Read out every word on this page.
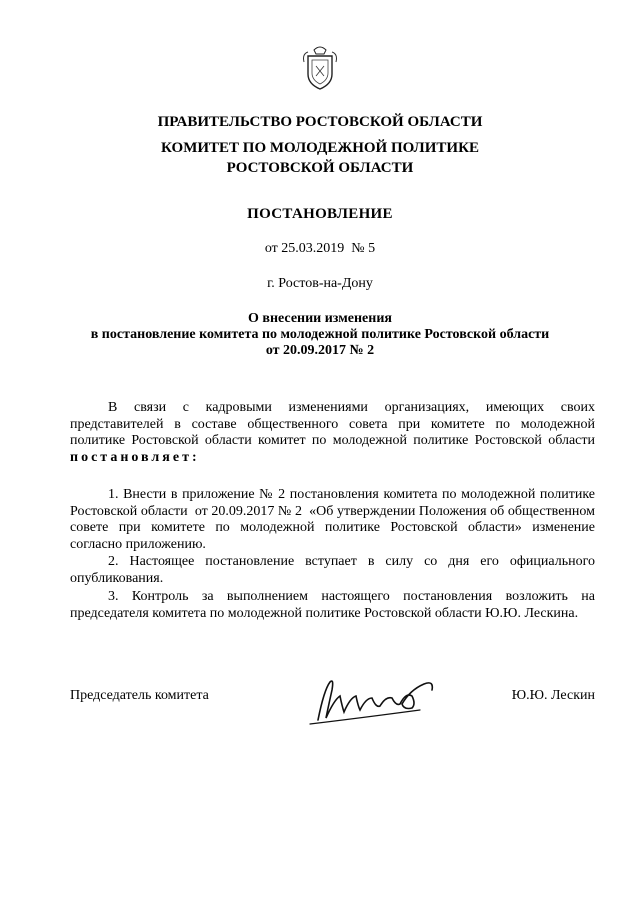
ПРАВИТЕЛЬСТВО РОСТОВСКОЙ ОБЛАСТИ
КОМИТЕТ ПО МОЛОДЕЖНОЙ ПОЛИТИКЕ
РОСТОВСКОЙ ОБЛАСТИ
ПОСТАНОВЛЕНИЕ
от 25.03.2019  № 5
г. Ростов-на-Дону
О внесении изменения
в постановление комитета по молодежной политике Ростовской области
от 20.09.2017 № 2
В связи с кадровыми изменениями организациях, имеющих своих представителей в составе общественного совета при комитете по молодежной политике Ростовской области комитет по молодежной политике Ростовской области постановляет:
1. Внести в приложение № 2 постановления комитета по молодежной политике Ростовской области  от 20.09.2017 № 2  «Об утверждении Положения об общественном совете при комитете по молодежной политике Ростовской области» изменение согласно приложению.
2. Настоящее постановление вступает в силу со дня его официального опубликования.
3. Контроль за выполнением настоящего постановления возложить на председателя комитета по молодежной политике Ростовской области Ю.Ю. Лескина.
Председатель комитета	Ю.Ю. Лескин
